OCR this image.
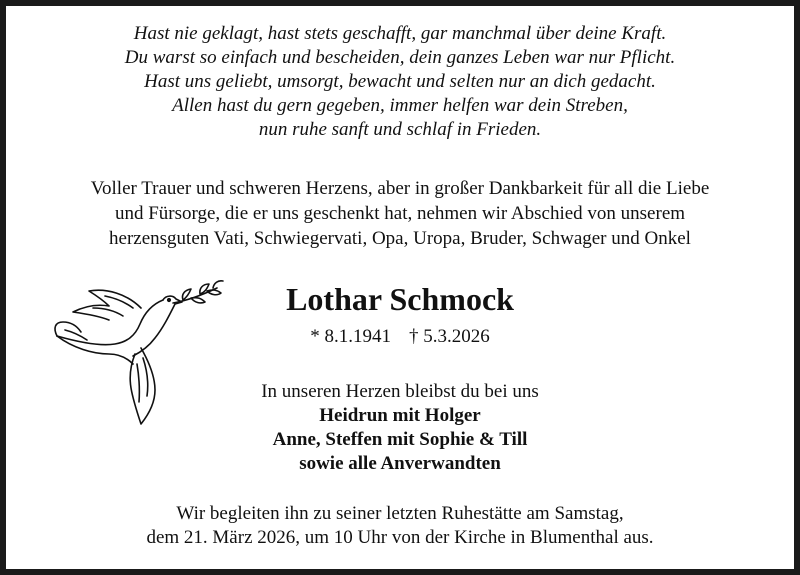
Hast nie geklagt, hast stets geschafft, gar manchmal über deine Kraft.
Du warst so einfach und bescheiden, dein ganzes Leben war nur Pflicht.
Hast uns geliebt, umsorgt, bewacht und selten nur an dich gedacht.
Allen hast du gern gegeben, immer helfen war dein Streben,
nun ruhe sanft und schlaf in Frieden.
Voller Trauer und schweren Herzens, aber in großer Dankbarkeit für all die Liebe
und Fürsorge, die er uns geschenkt hat, nehmen wir Abschied von unserem
herzensguten Vati, Schwiegervati, Opa, Uropa, Bruder, Schwager und Onkel
Lothar Schmock
* 8.1.1941 † 5.3.2026
In unseren Herzen bleibst du bei uns
Heidrun mit Holger
Anne, Steffen mit Sophie & Till
sowie alle Anverwandten
Wir begleiten ihn zu seiner letzten Ruhestätte am Samstag,
dem 21. März 2026, um 10 Uhr von der Kirche in Blumenthal aus.
